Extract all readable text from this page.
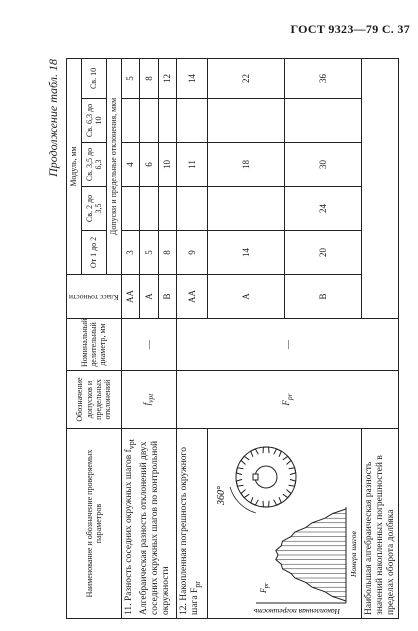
ГОСТ 9323—79 С. 37
Продолжение табл. 18
Наименование и обозначение проверяемых параметров	Обозначение допусков и предельных отклонений	Номинальный делительный диаметр, мм	Класс точности	Модуль, мм				
				От 1 до 2	Св. 2 до 3,5	Св. 3,5 до 6,3	Св. 6,3 до 10	Св. 10
				Допуски и предельные отклонения, мкм				

11. Разность соседних окружных шагов $f_{vpt}$ Алгебраическая разность отклонений двух соседних окружных шагов по контрольной окружности	$f_{vpt}$	—	АА	3		4		5
			А	5		6		8
			В	8		10		12

12. Накопленная погрешность окружного шага $F_{pr}$	$F_{pr}$	—	АА	9		11		14

360°
$F_{pr}$
Номера шагов
Накопленная погрешность			А	14		18		22
			В	20	24	30		36
Наибольшая алгебраическая разность значений накопленных погрешностей в пределах оборота долбяка								
